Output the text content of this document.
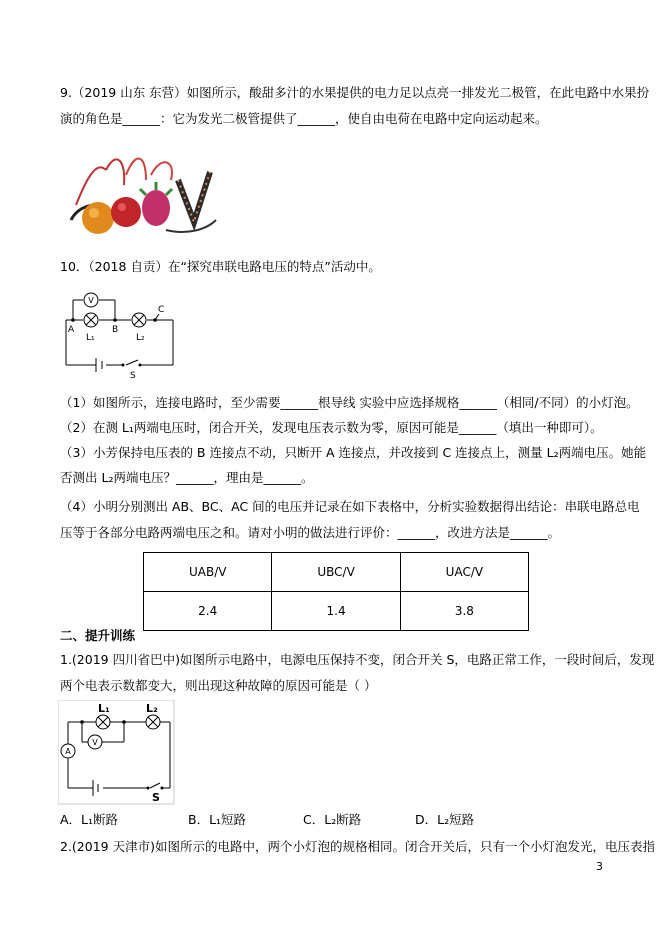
9.（2019 山东 东营）如图所示，酸甜多汁的水果提供的电力足以点亮一排发光二极管，在此电路中水果扮
演的角色是______：它为发光二极管提供了______，使自由电荷在电路中定向运动起来。
10．（2018 自贡）在“探究串联电路电压的特点”活动中。
V
A	B
C
L₁	L₂
S
（1）如图所示，连接电路时，至少需要______根导线 实验中应选择规格______（相同/不同）的小灯泡。
（2）在测 L₁两端电压时，闭合开关，发现电压表示数为零，原因可能是______（填出一种即可）。
（3）小芳保持电压表的 B 连接点不动，只断开 A 连接点，并改接到 C 连接点上，测量 L₂两端电压。她能
否测出 L₂两端电压？______，理由是______。
（4）小明分别测出 AB、BC、AC 间的电压并记录在如下表格中，分析实验数据得出结论：串联电路总电
压等于各部分电路两端电压之和。请对小明的做法进行评价：______，改进方法是______。
UAB/V	UBC/V	UAC/V
2.4	1.4	3.8
二、提升训练
1.(2019 四川省巴中)如图所示电路中，电源电压保持不变，闭合开关 S，电路正常工作，一段时间后，发现
两个电表示数都变大，则出现这种故障的原因可能是（ ）
V
A
L₁	L₂
S
A．L₁断路	B．L₁短路	C．L₂断路	D．L₂短路
2.(2019 天津市)如图所示的电路中，两个小灯泡的规格相同。闭合开关后，只有一个小灯泡发光，电压表指
3
